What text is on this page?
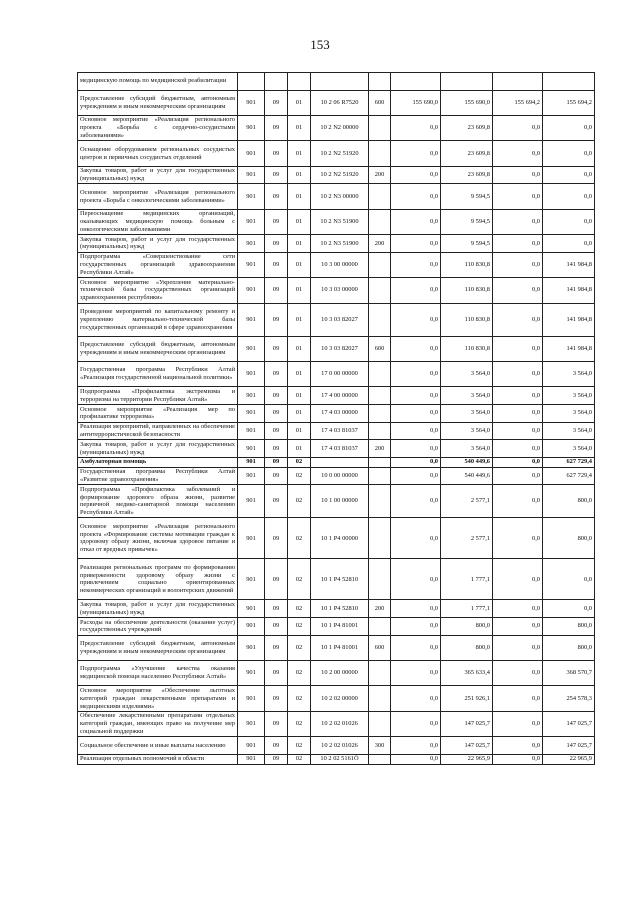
153
медицинскую помощь по медицинской реабилитации									
Предоставление субсидий бюджетным, автономным учреждениям и иным некоммерческим организациям	901	09	01	10 2 06 R7520	600	155 690,0	155 690,0	155 694,2	155 694,2
Основное мероприятие «Реализация регионального проекта «Борьба с сердечно-сосудистыми заболеваниями»	901	09	01	10 2 N2 00000		0,0	23 609,8	0,0	0,0
Оснащение оборудованием региональных сосудистых центров и первичных сосудистых отделений	901	09	01	10 2 N2 51920		0,0	23 609,8	0,0	0,0
Закупка товаров, работ и услуг для государственных (муниципальных) нужд	901	09	01	10 2 N2 51920	200	0,0	23 609,8	0,0	0,0
Основное мероприятие «Реализация регионального проекта «Борьба с онкологическими заболеваниями»	901	09	01	10 2 N3 00000		0,0	9 594,5	0,0	0,0
Переоснащение медицинских организаций, оказывающих медицинскую помощь больным с онкологическими заболеваниями	901	09	01	10 2 N3 51900		0,0	9 594,5	0,0	0,0
Закупка товаров, работ и услуг для государственных (муниципальных) нужд	901	09	01	10 2 N3 51900	200	0,0	9 594,5	0,0	0,0
Подпрограмма «Совершенствование сети государственных организаций здравоохранения Республики Алтай»	901	09	01	10 3 00 00000		0,0	110 830,8	0,0	141 984,8
Основное мероприятие «Укрепление материально-технической базы государственных организаций здравоохранения республики»	901	09	01	10 3 03 00000		0,0	110 830,8	0,0	141 984,8
Проведение мероприятий по капитальному ремонту и укреплению материально-технической базы государственных организаций в сфере здравоохранения	901	09	01	10 3 03 82027		0,0	110 830,8	0,0	141 984,8
Предоставление субсидий бюджетным, автономным учреждениям и иным некоммерческим организациям	901	09	01	10 3 03 82027	600	0,0	110 830,8	0,0	141 984,8
Государственная программа Республики Алтай «Реализация государственной национальной политики»	901	09	01	17 0 00 00000		0,0	3 564,0	0,0	3 564,0
Подпрограмма «Профилактика экстремизма и терроризма на территории Республики Алтай»	901	09	01	17 4 00 00000		0,0	3 564,0	0,0	3 564,0
Основное мероприятие «Реализация мер по профилактике терроризма»	901	09	01	17 4 03 00000		0,0	3 564,0	0,0	3 564,0
Реализация мероприятий, направленных на обеспечение антитеррористической безопасности	901	09	01	17 4 03 81037		0,0	3 564,0	0,0	3 564,0
Закупка товаров, работ и услуг для государственных (муниципальных) нужд	901	09	01	17 4 03 81037	200	0,0	3 564,0	0,0	3 564,0
Амбулаторная помощь	901	09	02			0,0	540 449,6	0,0	627 729,4
Государственная программа Республики Алтай «Развитие здравоохранения»	901	09	02	10 0 00 00000		0,0	540 449,6	0,0	627 729,4
Подпрограмма «Профилактика заболеваний и формирование здорового образа жизни, развитие первичной медико-санитарной помощи населению Республики Алтай»	901	09	02	10 1 00 00000		0,0	2 577,1	0,0	800,0
Основное мероприятие «Реализация регионального проекта «Формирование системы мотивации граждан к здоровому образу жизни, включая здоровое питание и отказ от вредных привычек»	901	09	02	10 1 P4 00000		0,0	2 577,1	0,0	800,0
Реализация региональных программ по формированию приверженности здоровому образу жизни с привлечением социально ориентированных некоммерческих организаций и волонтерских движений	901	09	02	10 1 P4 52810		0,0	1 777,1	0,0	0,0
Закупка товаров, работ и услуг для государственных (муниципальных) нужд	901	09	02	10 1 P4 52810	200	0,0	1 777,1	0,0	0,0
Расходы на обеспечение деятельности (оказание услуг) государственных учреждений	901	09	02	10 1 P4 81001		0,0	800,0	0,0	800,0
Предоставление субсидий бюджетным, автономным учреждениям и иным некоммерческим организациям	901	09	02	10 1 P4 81001	600	0,0	800,0	0,0	800,0
Подпрограмма «Улучшение качества оказания медицинской помощи населению Республики Алтай»	901	09	02	10 2 00 00000		0,0	365 633,4	0,0	368 570,7
Основное мероприятие «Обеспечение льготных категорий граждан лекарственными препаратами и медицинскими изделиями»	901	09	02	10 2 02 00000		0,0	251 926,1	0,0	254 578,3
Обеспечение лекарственными препаратами отдельных категорий граждан, имеющих право на получение мер социальной поддержки	901	09	02	10 2 02 01026		0,0	147 025,7	0,0	147 025,7
Социальное обеспечение и иные выплаты населению	901	09	02	10 2 02 01026	300	0,0	147 025,7	0,0	147 025,7
Реализация отдельных полномочий в области	901	09	02	10 2 02 5161Ö		0,0	22 965,9	0,0	22 965,9
